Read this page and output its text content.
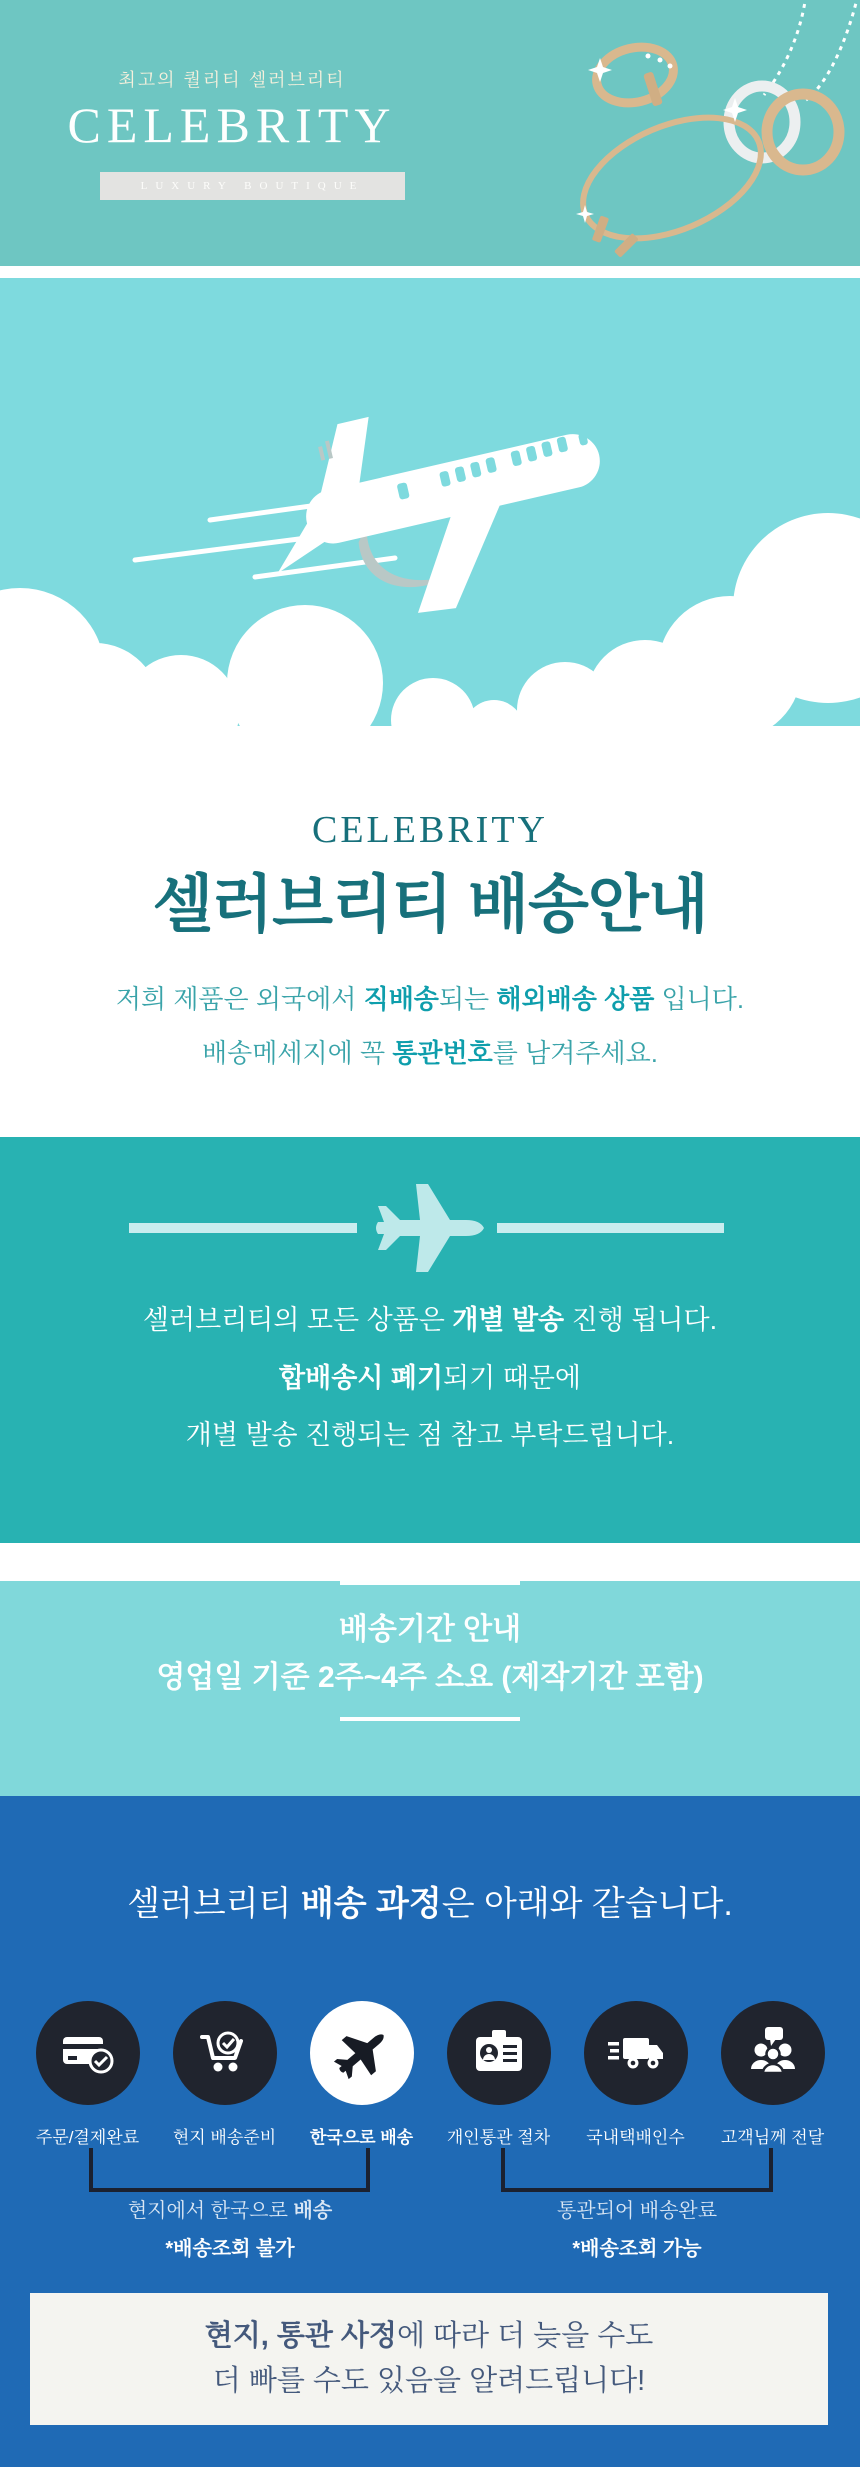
최고의 퀄리티 셀러브리티
CELEBRITY
LUXURY BOUTIQUE
CELEBRITY
셀러브리티 배송안내
저희 제품은 외국에서 직배송되는 해외배송 상품 입니다.
배송메세지에 꼭 통관번호를 남겨주세요.
셀러브리티의 모든 상품은 개별 발송 진행 됩니다.
합배송시 폐기되기 때문에
개별 발송 진행되는 점 참고 부탁드립니다.
배송기간 안내
영업일 기준 2주~4주 소요 (제작기간 포함)
셀러브리티 배송 과정은 아래와 같습니다.
주문/결제완료 현지 배송준비 한국으로 배송 개인통관 절차 국내택배인수 고객님께 전달
현지에서 한국으로 배송
*배송조회 불가
통관되어 배송완료
*배송조회 가능
현지, 통관 사정에 따라 더 늦을 수도
더 빠를 수도 있음을 알려드립니다!
